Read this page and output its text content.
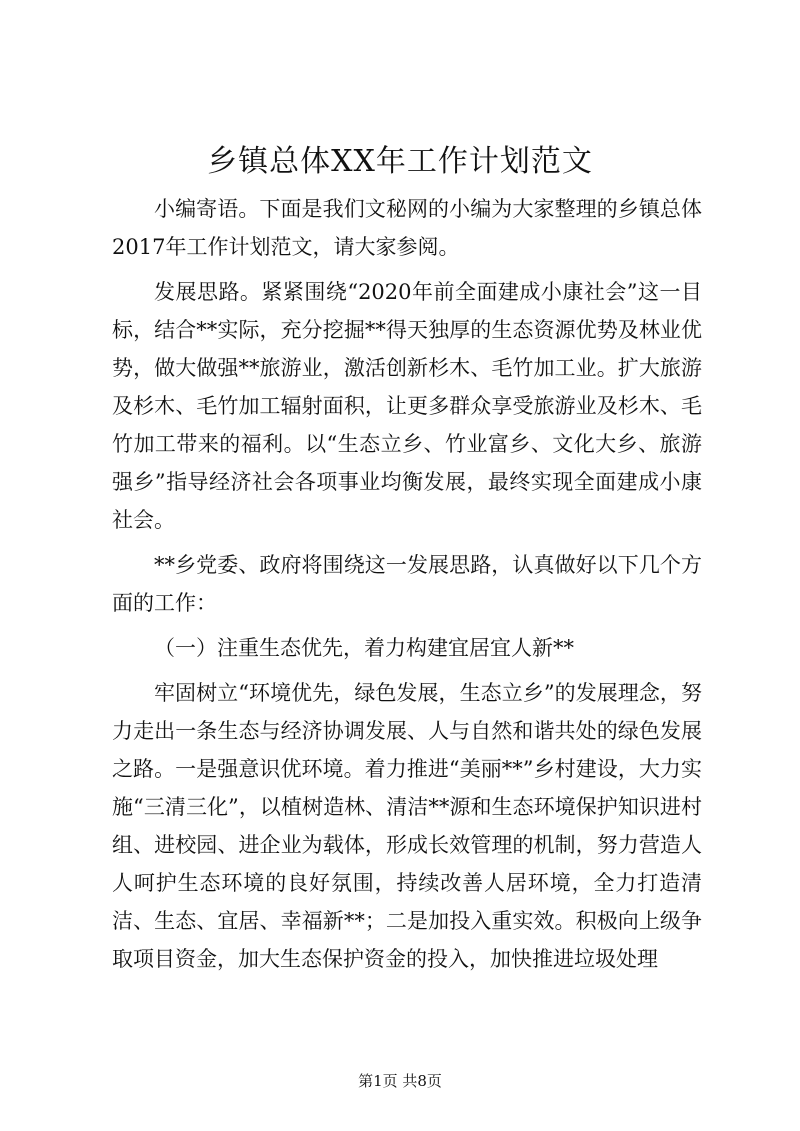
乡镇总体XX年工作计划范文

小编寄语。下面是我们文秘网的小编为大家整理的乡镇总体2017年工作计划范文，请大家参阅。

发展思路。紧紧围绕“2020年前全面建成小康社会”这一目标，结合**实际，充分挖掘**得天独厚的生态资源优势及林业优势，做大做强**旅游业，激活创新杉木、毛竹加工业。扩大旅游及杉木、毛竹加工辐射面积，让更多群众享受旅游业及杉木、毛竹加工带来的福利。以“生态立乡、竹业富乡、文化大乡、旅游强乡”指导经济社会各项事业均衡发展，最终实现全面建成小康社会。

**乡党委、政府将围绕这一发展思路，认真做好以下几个方面的工作：

（一）注重生态优先，着力构建宜居宜人新**

牢固树立“环境优先，绿色发展，生态立乡”的发展理念，努力走出一条生态与经济协调发展、人与自然和谐共处的绿色发展之路。一是强意识优环境。着力推进“美丽**”乡村建设，大力实施“三清三化”，以植树造林、清洁**源和生态环境保护知识进村组、进校园、进企业为载体，形成长效管理的机制，努力营造人人呵护生态环境的良好氛围，持续改善人居环境，全力打造清洁、生态、宜居、幸福新**；二是加投入重实效。积极向上级争取项目资金，加大生态保护资金的投入，加快推进垃圾处理

第1页 共8页
